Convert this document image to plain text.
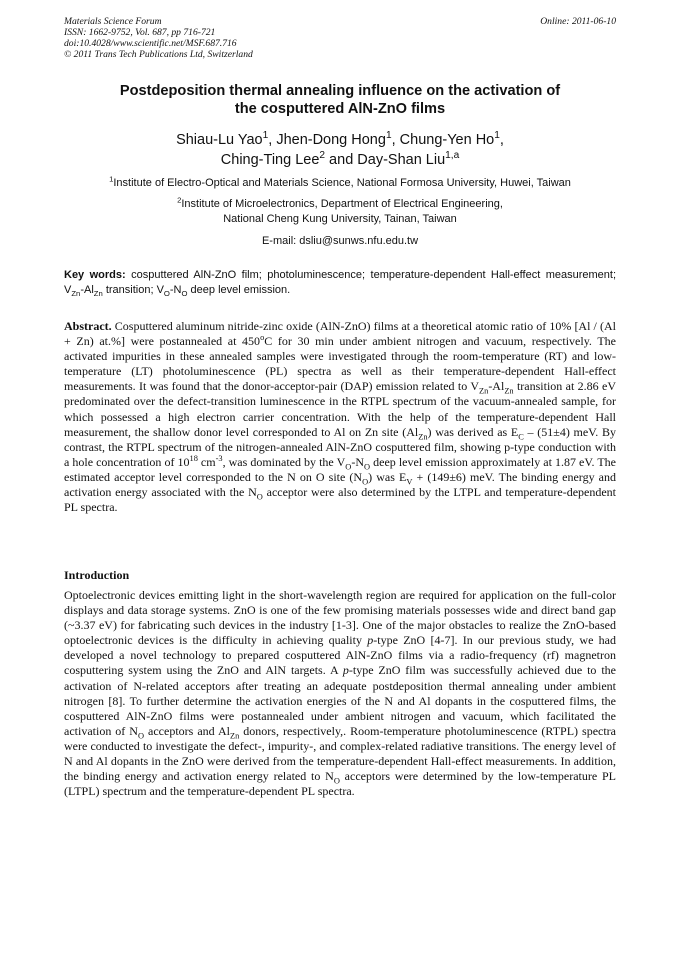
Materials Science Forum
ISSN: 1662-9752, Vol. 687, pp 716-721
doi:10.4028/www.scientific.net/MSF.687.716
© 2011 Trans Tech Publications Ltd, Switzerland
Online: 2011-06-10
Postdeposition thermal annealing influence on the activation of
the cosputtered AlN-ZnO films
Shiau-Lu Yao$^1$, Jhen-Dong Hong$^1$, Chung-Yen Ho$^1$,
Ching-Ting Lee$^2$ and Day-Shan Liu$^{1,a}$
$^1$Institute of Electro-Optical and Materials Science, National Formosa University, Huwei, Taiwan
$^2$Institute of Microelectronics, Department of Electrical Engineering,
National Cheng Kung University, Tainan, Taiwan
E-mail: dsliu@sunws.nfu.edu.tw
Key words: cosputtered AlN-ZnO film; photoluminescence; temperature-dependent Hall-effect measurement; $V_{Zn}-Al_{Zn}$ transition; $V_O-N_O$ deep level emission.
Abstract. Cosputtered aluminum nitride-zinc oxide (AlN-ZnO) films at a theoretical atomic ratio of 10% [Al / (Al + Zn) at.%] were postannealed at 450$^o$C for 30 min under ambient nitrogen and vacuum, respectively. The activated impurities in these annealed samples were investigated through the room-temperature (RT) and low-temperature (LT) photoluminescence (PL) spectra as well as their temperature-dependent Hall-effect measurements. It was found that the donor-acceptor-pair (DAP) emission related to $V_{Zn}-Al_{Zn}$ transition at 2.86 eV predominated over the defect-transition luminescence in the RTPL spectrum of the vacuum-annealed sample, for which possessed a high electron carrier concentration. With the help of the temperature-dependent Hall measurement, the shallow donor level corresponded to Al on Zn site $(Al_{Zn})$ was derived as $E_C - (51\pm 4)$ meV. By contrast, the RTPL spectrum of the nitrogen-annealed AlN-ZnO cosputtered film, showing p-type conduction with a hole concentration of $10^{18}$ $cm^{-3}$, was dominated by the $V_O-N_O$ deep level emission approximately at 1.87 eV. The estimated acceptor level corresponded to the N on O site $(N_O)$ was $E_V + (149\pm 6)$ meV. The binding energy and activation energy associated with the $N_O$ acceptor were also determined by the LTPL and temperature-dependent PL spectra.
Introduction
Optoelectronic devices emitting light in the short-wavelength region are required for application on the full-color displays and data storage systems. ZnO is one of the few promising materials possesses wide and direct band gap (~3.37 eV) for fabricating such devices in the industry [1-3]. One of the major obstacles to realize the ZnO-based optoelectronic devices is the difficulty in achieving quality p-type ZnO [4-7]. In our previous study, we had developed a novel technology to prepared cosputtered AlN-ZnO films via a radio-frequency (rf) magnetron cosputtering system using the ZnO and AlN targets. A p-type ZnO film was successfully achieved due to the activation of N-related acceptors after treating an adequate postdeposition thermal annealing under ambient nitrogen [8]. To further determine the activation energies of the N and Al dopants in the cosputtered films, the cosputtered AlN-ZnO films were postannealed under ambient nitrogen and vacuum, which facilitated the activation of $N_O$ acceptors and $Al_{Zn}$ donors, respectively,. Room-temperature photoluminescence (RTPL) spectra were conducted to investigate the defect-, impurity-, and complex-related radiative transitions. The energy level of N and Al dopants in the ZnO were derived from the temperature-dependent Hall-effect measurements. In addition, the binding energy and activation energy related to $N_O$ acceptors were determined by the low-temperature PL (LTPL) spectrum and the temperature-dependent PL spectra.
